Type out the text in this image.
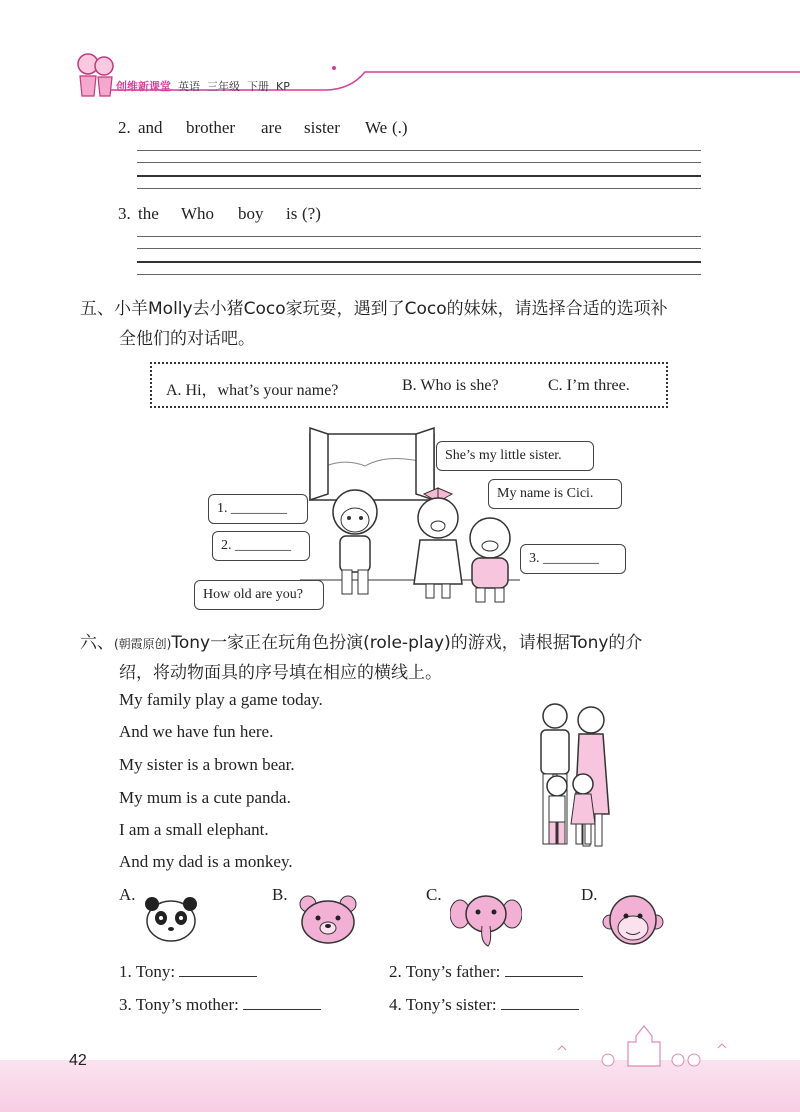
创维新课堂 英语 三年级 下册 KP
2. and brother are sister We (.)
3. the Who boy is (?)
五、小羊Molly去小猪Coco家玩耍，遇到了Coco的妹妹，请选择合适的选项补
全他们的对话吧。
A. Hi，what’s your name?	B. Who is she?	C. I’m three.
1. ________
2. ________
She’s my little sister.
My name is Cici.
3. ________
How old are you?
六、(朝霞原创)Tony一家正在玩角色扮演(role-play)的游戏，请根据Tony的介
绍，将动物面具的序号填在相应的横线上。
My family play a game today.
And we have fun here.
My sister is a brown bear.
My mum is a cute panda.
I am a small elephant.
And my dad is a monkey.
A.	B.	C.	D.
1. Tony:	2. Tony’s father:
3. Tony’s mother:	4. Tony’s sister:
42
